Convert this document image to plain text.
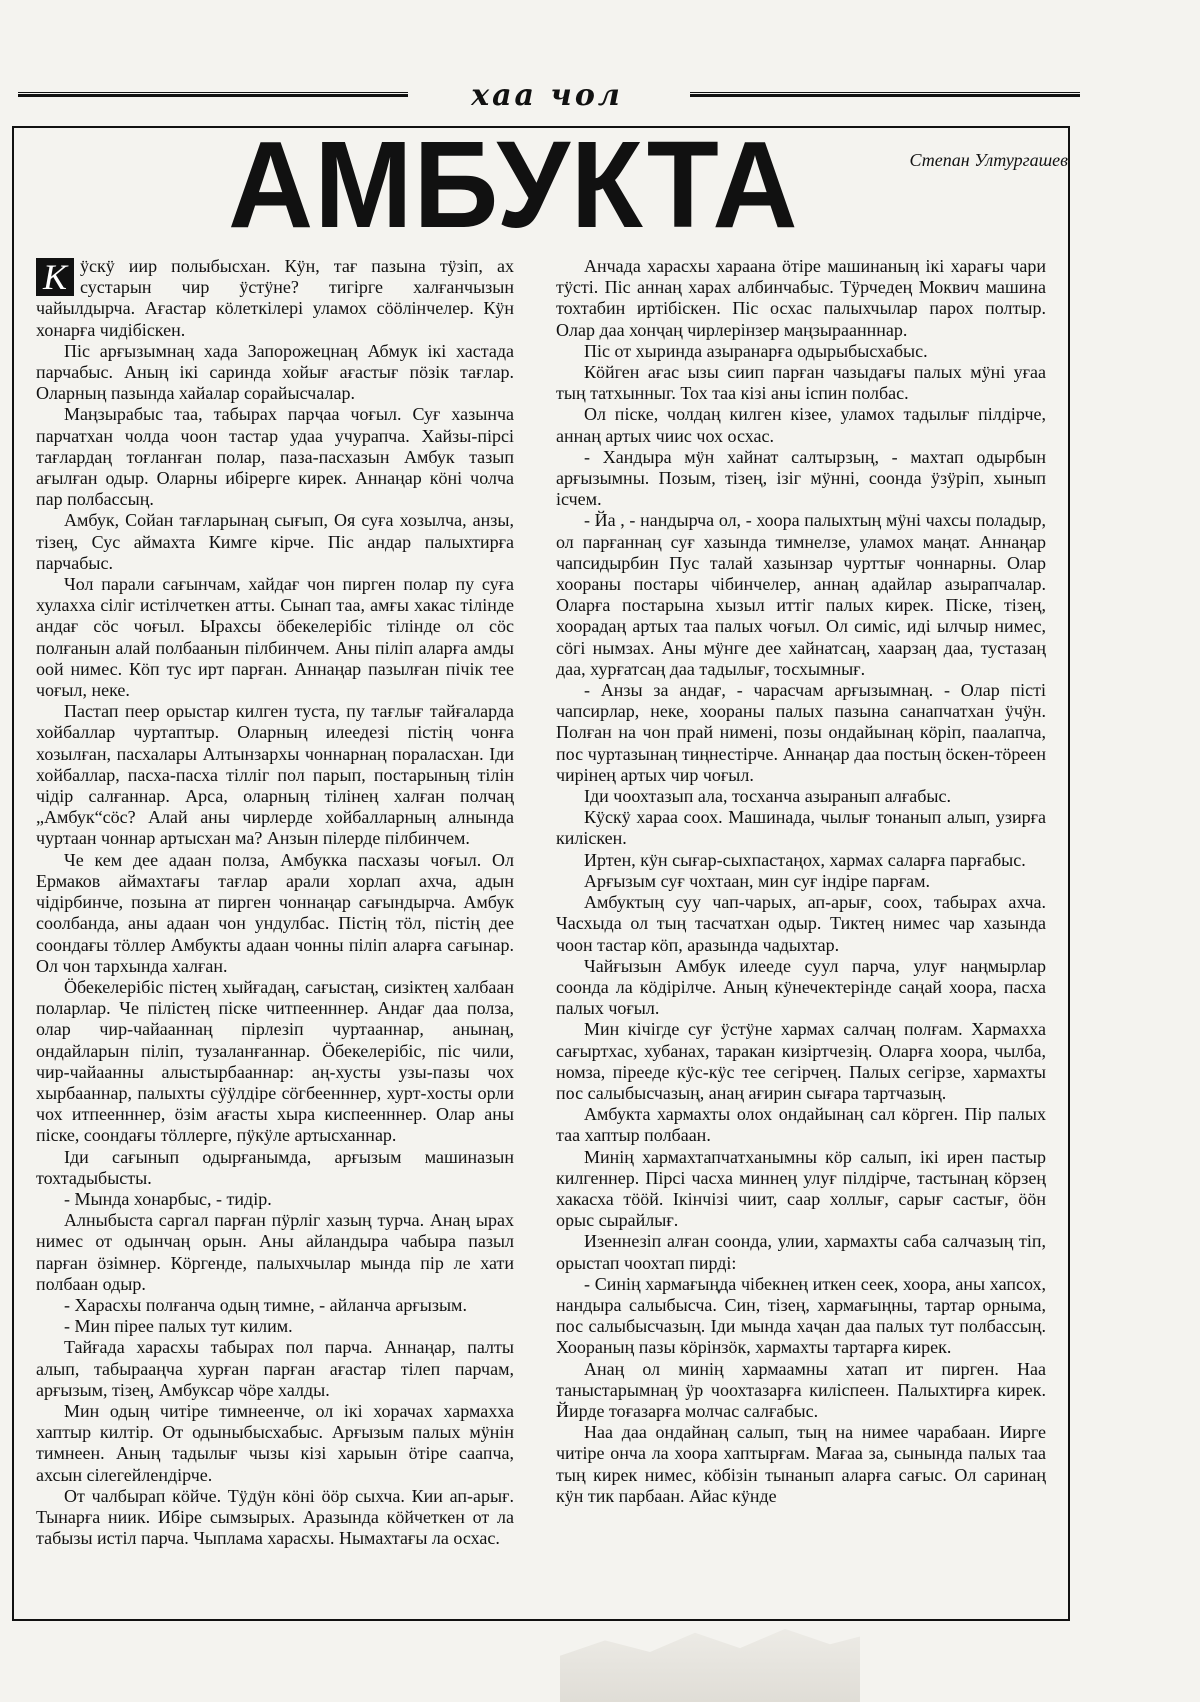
хаа чол
АМБУКТА	Степан Ултургашев

К ӱскӱ иир полыбысхан. Кӱн, тағ пазына тӱзіп, ах сустарын чир ӱстӱне? тигірге халғанчызын чайылдырча. Ағастар кӧлеткілері уламох сӧӧлінчелер. Кӱн хонарға чидібіскен.

Піс арғызымнаң хада Запорожецнаң Абмук ікі хастада парчабыс. Аның ікі саринда хойығ ағастығ пӧзік тағлар. Оларның пазында хайалар сорайысчалар.

Маңзырабыс таа, табырах парҷаа чоғыл. Суғ хазынча парчатхан чолда чоон тастар удаа учурапча. Хайзы-пірсі тағлардаң тоғланған полар, паза-пасхазын Амбук тазып ағылған одыр. Оларны ибірерге кирек. Аннаңар кӧні чолча пар полбассың.

Амбук, Сойан тағларынаң сығып, Оя суға хозылча, анзы, тізең, Сус аймахта Кимге кірче. Піс андар палыхтирға парчабыс.

Чол парали сағынчам, хайдағ чон пирген полар пу суға хулахха сіліг истілчеткен атты. Сынап таа, амғы хакас тілінде андағ сӧс чоғыл. Ырахсы ӧбекелерібіс тілінде ол сӧс полғанын алай полбаанын пілбинчем. Аны піліп аларға амды оой нимес. Кӧп тус ирт парған. Аннаңар пазылған пічік тее чоғыл, неке.

Пастап пеер орыстар килген туста, пу тағлығ тайғаларда хойбаллар чуртаптыр. Оларның илеедезі пістің чонға хозылған, пасхалары Алтынзархы чоннарнаң пораласхан. Іди хойбаллар, пасха-пасха тілліг пол парып, постарының тілін чідір салғаннар. Арса, оларның тілінең халған полчаң „Амбук“сӧс? Алай аны чирлерде хойбалларның алнында чуртаан чоннар артысхан ма? Анзын пілерде пілбинчем.

Че кем дее адаан полза, Амбукка пасхазы чоғыл. Ол Ермаков аймахтағы тағлар арали хорлап ахча, адын чідірбинче, позына ат пирген чоннаңар сағындырча. Амбук соолбанда, аны адаан чон ундулбас. Пістің тӧл, пістің дее соондағы тӧллер Амбукты адаан чонны піліп аларға сағынар. Ол чон тархында халған.

Ӧбекелерібіс пістең хыйғадаң, сағыстаң, сизіктең халбаан поларлар. Че пілістең піске читпеенннер. Андағ даа полза, олар чир-чайааннаң пірлезіп чуртааннар, анынаң, ондайларын піліп, тузаланғаннар. Ӧбекелерібіс, піс чили, чир-чайаанны алыстырбааннар: аң-хусты узы-пазы чох хырбааннар, палыхты сӱӱлдіре сӧгбеенннер, хурт-хосты орли чох итпеенннер, ӧзім ағасты хыра киспеенннер. Олар аны піске, соондағы тӧллерге, пӱкӱле артысханнар.

Іди сағынып одырғанымда, арғызым машиназын тохтадыбысты.

- Мында хонарбыс, - тидір.

Алныбыста саргал парған пӱрліг хазың турча. Анаң ырах нимес от одынчаң орын. Аны айландыра чабыра пазыл парған ӧзімнер. Кӧргенде, палыхчылар мында пір ле хати полбаан одыр.

- Харасхы полғанча одың тимне, - айланча арғызым.

- Мин пірее палых тут килим.

Тайғада харасхы табырах пол парча. Аннаңар, палты алып, табырааңча хурған парған ағастар тілеп парчам, арғызым, тізең, Амбуксар чӧре халды.

Мин одың читіре тимнеенче, ол ікі хорачах хармахха хаптыр килтір. От одыныбысхабыс. Арғызым палых мӱнін тимнеен. Аның тадылығ чызы кізі харыын ӧтіре саапча, ахсын сілегейлендірче.

От чалбырап кӧйче. Тӱдӱн кӧні ӧӧр сыхча. Кии ап-арығ. Тынарға ниик. Ибіре сымзырых. Аразында кӧйчеткен от ла табызы истіл парча. Чыплама харасхы. Нымахтағы ла осхас.

Анчада харасхы хараана ӧтіре машинаның ікі харағы чари тӱсті. Піс аннаң харах албинчабыс. Тӱрчедең Моквич машина тохтабин иртібіскен. Піс осхас палыхчылар парох полтыр. Олар даа хонҷаң чирлерінзер маңзыраанннар.

Піс от хыринда азыранарға одырыбысхабыс.

Кӧйген ағас ызы сиип парған чазыдағы палых мӱні уғаа тың татхынныг. Тох таа кізі аны іспин полбас.

Ол піске, чолдаң килген кізее, уламох тадылығ пілдірче, аннаң артых чиис чох осхас.

- Хандыра мӱн хайнат салтырзың, - махтап одырбын арғызымны. Позым, тізең, ізіг мӱнні, соонда ӱзӱріп, хынып ісчем.

- Йа , - нандырча ол, - хоора палыхтың мӱні чахсы поладыр, ол парғаннаң суғ хазында тимнелзе, уламох маңат. Аннаңар чапсидырбин Пус талай хазынзар чурттығ чоннарны. Олар хоораны постары чібинчелер, аннаң адайлар азырапчалар. Оларға постарына хызыл иттіг палых кирек. Піске, тізең, хоорадаң артых таа палых чоғыл. Ол симіс, иді ылчыр нимес, сӧгі нымзах. Аны мӱнге дее хайнатсаң, хаарзаң даа, тустазаң даа, хурғатсаң даа тадылығ, тосхымнығ.

- Анзы за андағ, - чарасчам арғызымнаң. - Олар пісті чапсирлар, неке, хоораны палых пазына санапчатхан ӱчӱн. Полған на чон прай нимені, позы ондайынаң кӧріп, паалапча, пос чуртазынаң тиңнестірче. Аннаңар даа постың ӧскен-тӧреен чирінең артых чир чоғыл.

Іди чоохтазып ала, тосханча азыранып алғабыс.

Кӱскӱ хараа соох. Машинада, чылығ тонанып алып, узирға киліскен.

Иртен, кӱн сығар-сыхпастаңох, хармах саларға парғабыс.

Арғызым суғ чохтаан, мин суғ індіре парғам.

Амбуктың суу чап-чарых, ап-арығ, соох, табырах ахча. Часхыда ол тың тасчатхан одыр. Тиктең нимес чар хазында чоон тастар кӧп, аразында чадыхтар.

Чайғызын Амбук илееде суул парча, улуғ наңмырлар соонда ла кӧдірілче. Аның кӱнечектерінде саңай хоора, пасха палых чоғыл.

Мин кічігде суғ ӱстӱне хармах салчаң полғам. Хармахха сағыртхас, хубанах, таракан кизіртчезің. Оларға хоора, чылба, номза, піреeде кӱс-кӱс тее сегірчең. Палых сегірзе, хармахты пос салыбысчазың, анаң ағирин сығара тартчазың.

Амбукта хармахты олох ондайынаң сал кӧрген. Пір палых таа хаптыр полбаан.

Минің хармахтапчатханымны кӧр салып, ікі ирен пастыр килгеннер. Пірсі часха миннең улуғ пілдірче, тастынаң кӧрзең хакасха тӧӧй. Ікінчізі чиит, саар холлығ, сарығ састығ, ӧӧн орыс сырайлығ.

Изеннезіп алған соонда, улии, хармахты саба салчазың тіп, орыстап чоохтап пирді:

- Синің хармағыңда чібекнең иткен сеек, хоора, аны хапсох, нандыра салыбысча. Син, тізең, хармағыңны, тартар орныма, пос салыбысчазың. Іди мында хаҷан даа палых тут полбассың. Хоораның пазы кӧрінзӧк, хармахты тартарға кирек.

Анаң ол минің хармаамны хатап ит пирген. Наа таныстарымнаң ӱр чоохтазарға киліспеен. Палыхтирға кирек. Йирде тоғазарға молчас салғабыс.

Наа даа ондайнаң салып, тың на нимее чарабаан. Иирге читіре онча ла хоора хаптырғам. Мағаа за, сынында палых таа тың кирек нимес, кӧбізін тынанып аларға сағыс. Ол саринаң кӱн тик парбаан. Айас кӱнде
